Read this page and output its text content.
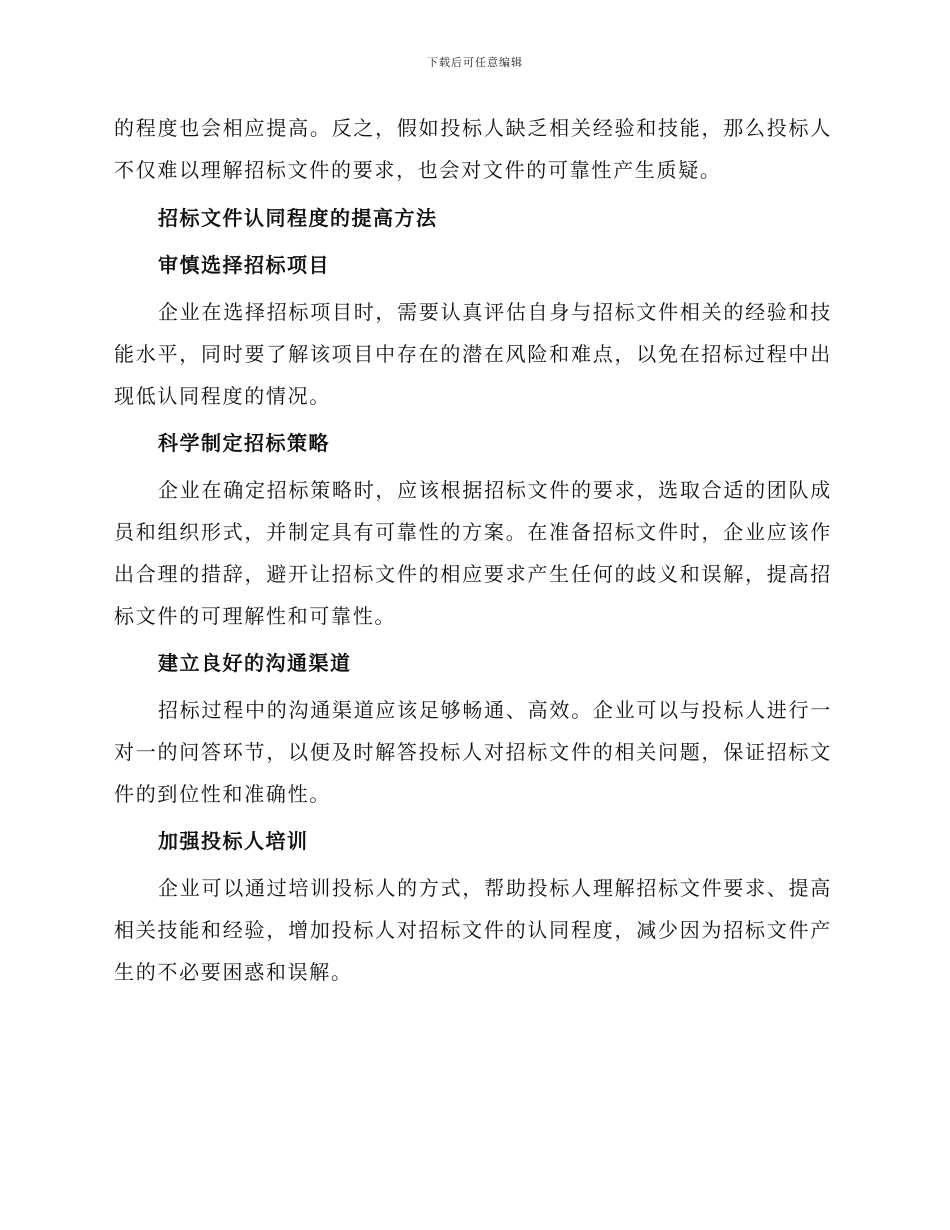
下载后可任意编辑

的程度也会相应提高。反之，假如投标人缺乏相关经验和技能，那么投标人不仅难以理解招标文件的要求，也会对文件的可靠性产生质疑。

招标文件认同程度的提高方法
审慎选择招标项目

企业在选择招标项目时，需要认真评估自身与招标文件相关的经验和技能水平，同时要了解该项目中存在的潜在风险和难点，以免在招标过程中出现低认同程度的情况。

科学制定招标策略

企业在确定招标策略时，应该根据招标文件的要求，选取合适的团队成员和组织形式，并制定具有可靠性的方案。在准备招标文件时，企业应该作出合理的措辞，避开让招标文件的相应要求产生任何的歧义和误解，提高招标文件的可理解性和可靠性。

建立良好的沟通渠道

招标过程中的沟通渠道应该足够畅通、高效。企业可以与投标人进行一对一的问答环节，以便及时解答投标人对招标文件的相关问题，保证招标文件的到位性和准确性。

加强投标人培训

企业可以通过培训投标人的方式，帮助投标人理解招标文件要求、提高相关技能和经验，增加投标人对招标文件的认同程度，减少因为招标文件产生的不必要困惑和误解。
